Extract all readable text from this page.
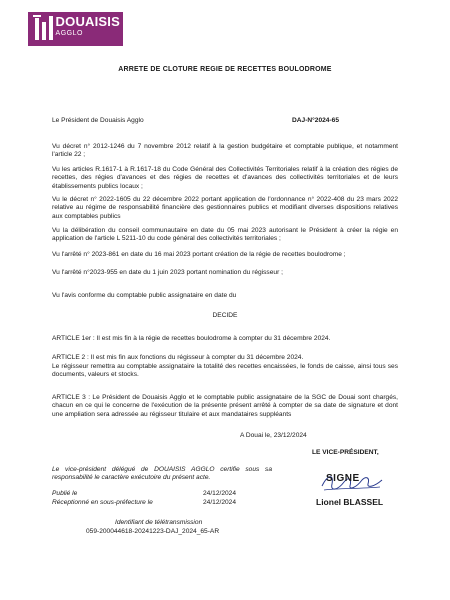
DOUAISIS
AGGLO
ARRETE DE CLOTURE REGIE DE RECETTES BOULODROME
Le Président de Douaisis Agglo	DAJ-N°2024-65
Vu décret n° 2012-1246 du 7 novembre 2012 relatif à la gestion budgétaire et comptable publique, et notamment l'article 22 ;
Vu les articles R.1617-1 à R.1617-18 du Code Général des Collectivités Territoriales relatif à la création des régies de recettes, des régies d'avances et des régies de recettes et d'avances des collectivités territoriales et de leurs établissements publics locaux ;
Vu le décret n° 2022-1605 du 22 décembre 2022 portant application de l'ordonnance n° 2022-408 du 23 mars 2022 relative au régime de responsabilité financière des gestionnaires publics et modifiant diverses dispositions relatives aux comptables publics
Vu la délibération du conseil communautaire en date du 05 mai 2023 autorisant le Président à créer la régie en application de l'article L 5211-10 du code général des collectivités territoriales ;
Vu l'arrêté n° 2023-861 en date du 16 mai 2023 portant création de la régie de recettes boulodrome ;
Vu l'arrêté n°2023-955 en date du 1 juin 2023 portant nomination du régisseur ;
Vu l'avis conforme du comptable public assignataire en date du
DECIDE
ARTICLE 1er : Il est mis fin à la régie de recettes boulodrome à compter du 31 décembre 2024.
ARTICLE 2 : Il est mis fin aux fonctions du régisseur à compter du 31 décembre 2024.
Le régisseur remettra au comptable assignataire la totalité des recettes encaissées, le fonds de caisse, ainsi tous ses documents, valeurs et stocks.
ARTICLE 3 : Le Président de Douaisis Agglo et le comptable public assignataire de la SGC de Douai sont chargés, chacun en ce qui le concerne de l'exécution de la présente présent arrêté à compter de sa date de signature et dont une ampliation sera adressée au régisseur titulaire et aux mandataires suppléants
A Douai le, 23/12/2024
Le vice-président délégué de DOUAISIS AGGLO certifie sous sa responsabilité le caractère exécutoire du présent acte.
Publié le	24/12/2024
Réceptionné en sous-préfecture le	24/12/2024
Identifiant de télétransmission
059-200044618-20241223-DAJ_2024_65-AR
LE VICE-PRÉSIDENT,
SIGNE
Lionel BLASSEL
